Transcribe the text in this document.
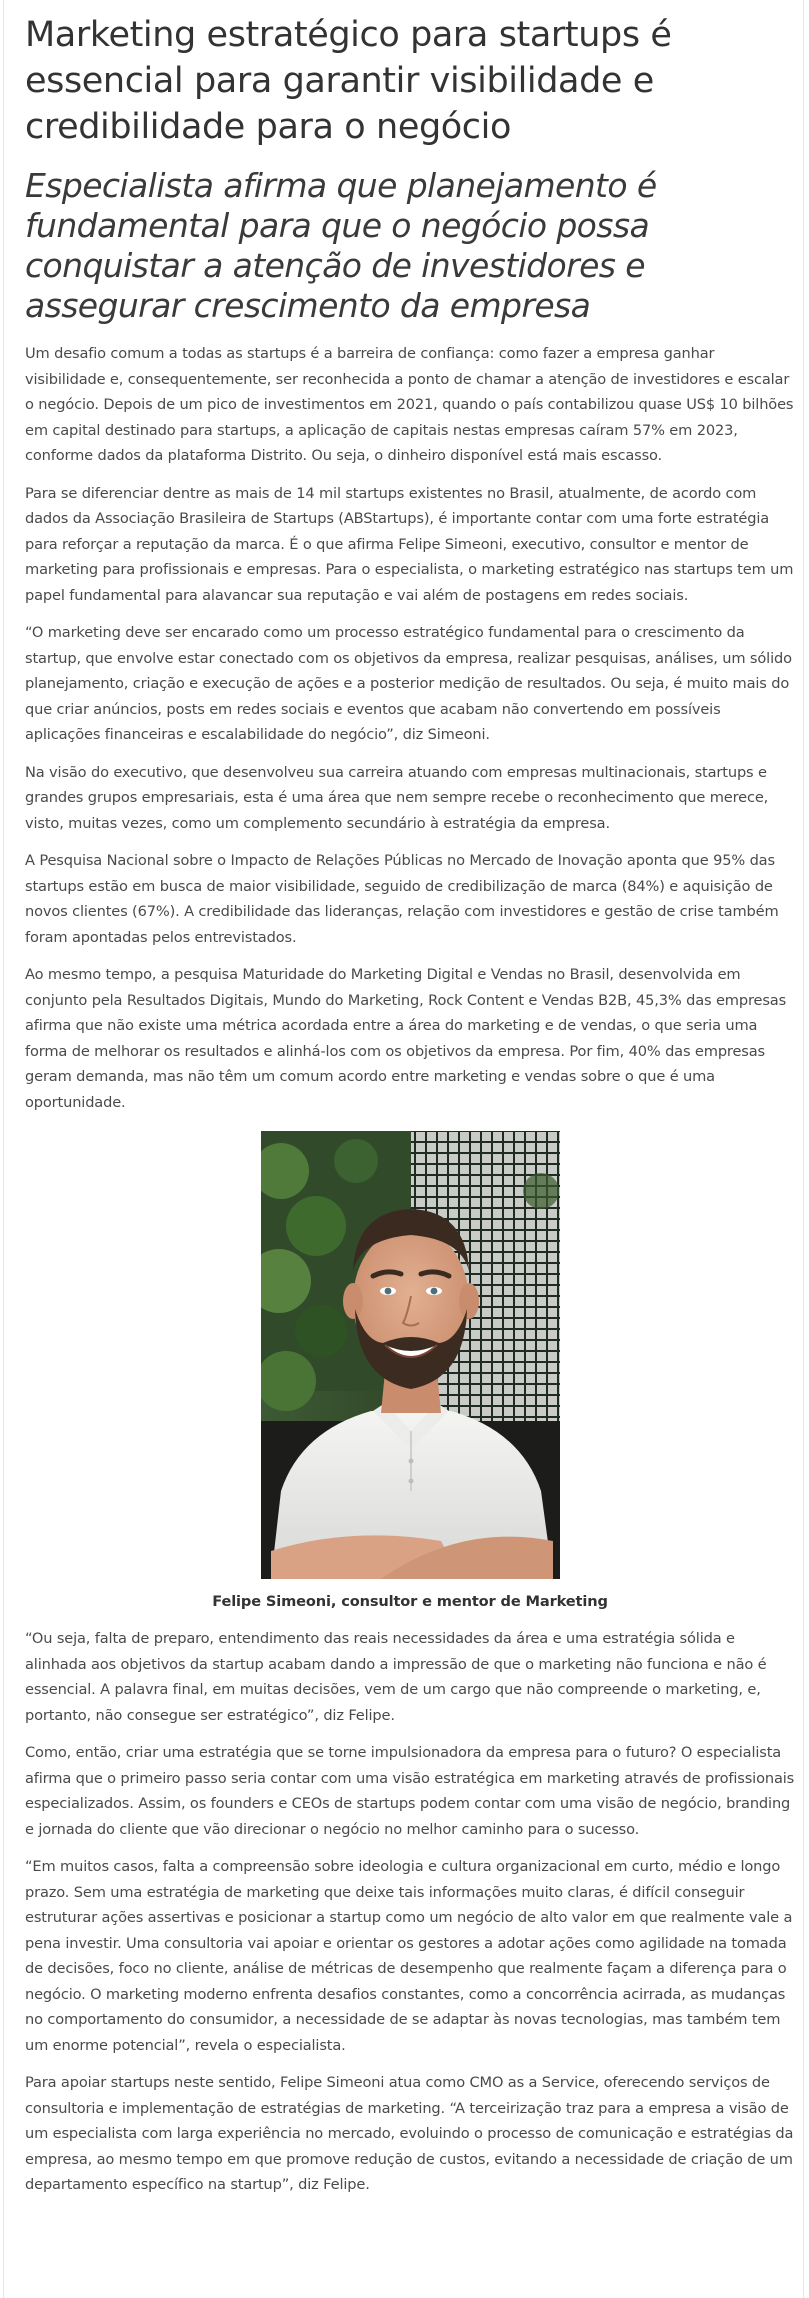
Marketing estratégico para startups é essencial para garantir visibilidade e credibilidade para o negócio
Especialista afirma que planejamento é fundamental para que o negócio possa conquistar a atenção de investidores e assegurar crescimento da empresa

Um desafio comum a todas as startups é a barreira de confiança: como fazer a empresa ganhar visibilidade e, consequentemente, ser reconhecida a ponto de chamar a atenção de investidores e escalar o negócio. Depois de um pico de investimentos em 2021, quando o país contabilizou quase US$ 10 bilhões em capital destinado para startups, a aplicação de capitais nestas empresas caíram 57% em 2023, conforme dados da plataforma Distrito. Ou seja, o dinheiro disponível está mais escasso.

Para se diferenciar dentre as mais de 14 mil startups existentes no Brasil, atualmente, de acordo com dados da Associação Brasileira de Startups (ABStartups), é importante contar com uma forte estratégia para reforçar a reputação da marca. É o que afirma Felipe Simeoni, executivo, consultor e mentor de marketing para profissionais e empresas. Para o especialista, o marketing estratégico nas startups tem um papel fundamental para alavancar sua reputação e vai além de postagens em redes sociais.

“O marketing deve ser encarado como um processo estratégico fundamental para o crescimento da startup, que envolve estar conectado com os objetivos da empresa, realizar pesquisas, análises, um sólido planejamento, criação e execução de ações e a posterior medição de resultados. Ou seja, é muito mais do que criar anúncios, posts em redes sociais e eventos que acabam não convertendo em possíveis aplicações financeiras e escalabilidade do negócio”, diz Simeoni.

Na visão do executivo, que desenvolveu sua carreira atuando com empresas multinacionais, startups e grandes grupos empresariais, esta é uma área que nem sempre recebe o reconhecimento que merece, visto, muitas vezes, como um complemento secundário à estratégia da empresa.

A Pesquisa Nacional sobre o Impacto de Relações Públicas no Mercado de Inovação aponta que 95% das startups estão em busca de maior visibilidade, seguido de credibilização de marca (84%) e aquisição de novos clientes (67%). A credibilidade das lideranças, relação com investidores e gestão de crise também foram apontadas pelos entrevistados.

Ao mesmo tempo, a pesquisa Maturidade do Marketing Digital e Vendas no Brasil, desenvolvida em conjunto pela Resultados Digitais, Mundo do Marketing, Rock Content e Vendas B2B, 45,3% das empresas afirma que não existe uma métrica acordada entre a área do marketing e de vendas, o que seria uma forma de melhorar os resultados e alinhá-los com os objetivos da empresa. Por fim, 40% das empresas geram demanda, mas não têm um comum acordo entre marketing e vendas sobre o que é uma oportunidade.

Felipe Simeoni, consultor e mentor de Marketing

“Ou seja, falta de preparo, entendimento das reais necessidades da área e uma estratégia sólida e alinhada aos objetivos da startup acabam dando a impressão de que o marketing não funciona e não é essencial. A palavra final, em muitas decisões, vem de um cargo que não compreende o marketing, e, portanto, não consegue ser estratégico”, diz Felipe.

Como, então, criar uma estratégia que se torne impulsionadora da empresa para o futuro? O especialista afirma que o primeiro passo seria contar com uma visão estratégica em marketing através de profissionais especializados. Assim, os founders e CEOs de startups podem contar com uma visão de negócio, branding e jornada do cliente que vão direcionar o negócio no melhor caminho para o sucesso.

“Em muitos casos, falta a compreensão sobre ideologia e cultura organizacional em curto, médio e longo prazo. Sem uma estratégia de marketing que deixe tais informações muito claras, é difícil conseguir estruturar ações assertivas e posicionar a startup como um negócio de alto valor em que realmente vale a pena investir. Uma consultoria vai apoiar e orientar os gestores a adotar ações como agilidade na tomada de decisões, foco no cliente, análise de métricas de desempenho que realmente façam a diferença para o negócio. O marketing moderno enfrenta desafios constantes, como a concorrência acirrada, as mudanças no comportamento do consumidor, a necessidade de se adaptar às novas tecnologias, mas também tem um enorme potencial”, revela o especialista.

Para apoiar startups neste sentido, Felipe Simeoni atua como CMO as a Service, oferecendo serviços de consultoria e implementação de estratégias de marketing. “A terceirização traz para a empresa a visão de um especialista com larga experiência no mercado, evoluindo o processo de comunicação e estratégias da empresa, ao mesmo tempo em que promove redução de custos, evitando a necessidade de criação de um departamento específico na startup”, diz Felipe.
